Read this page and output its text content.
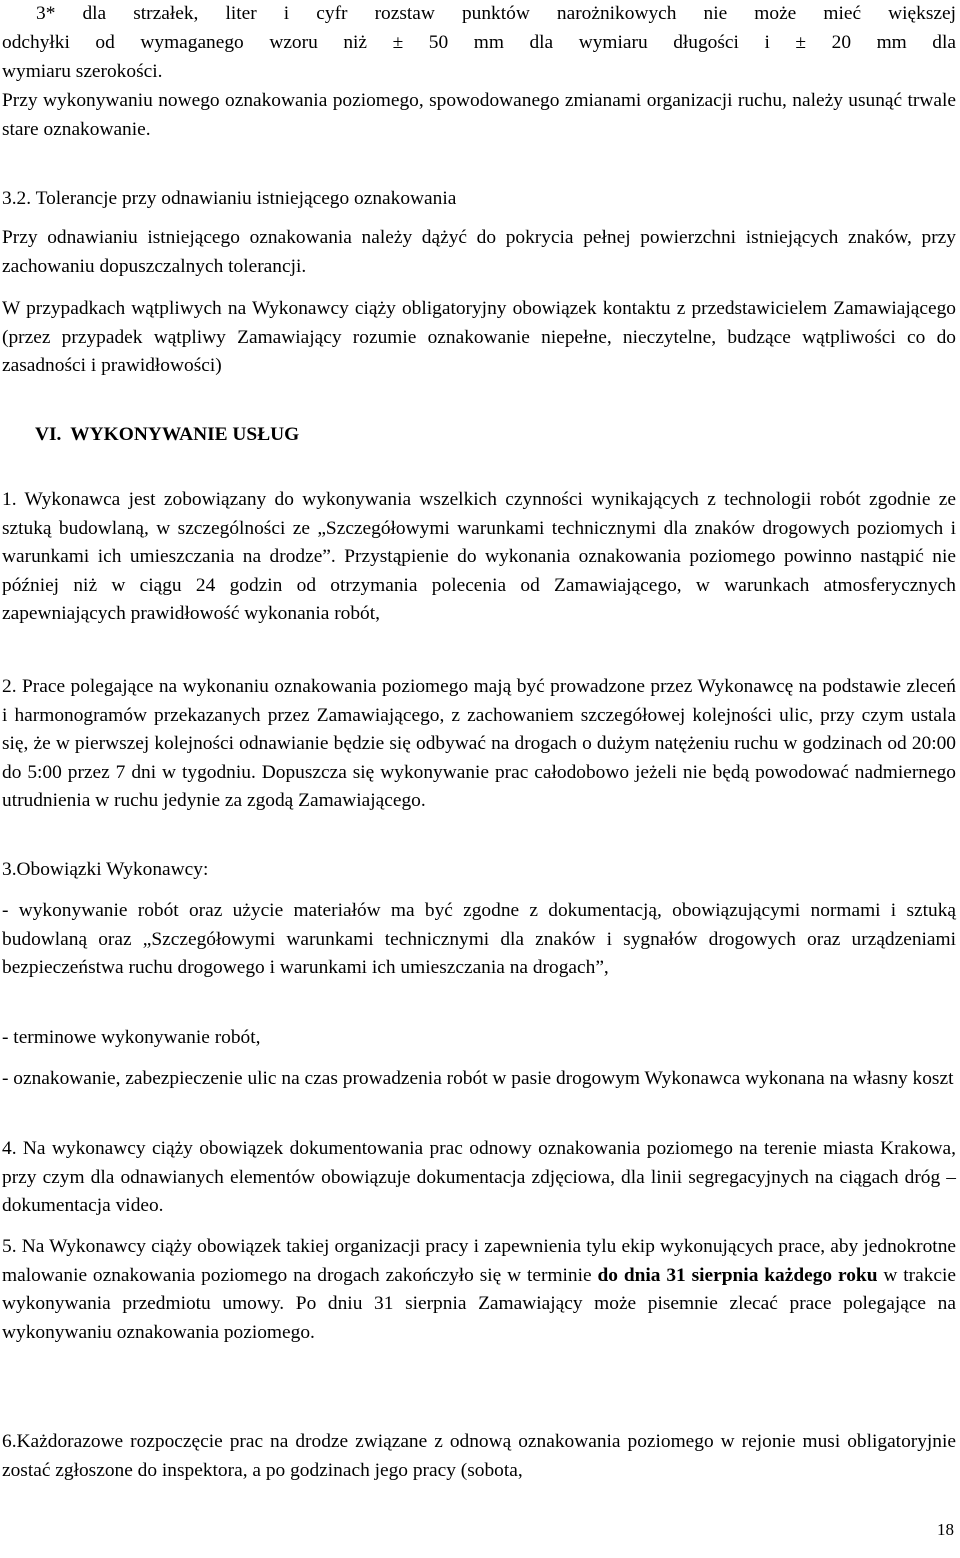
3* dla strzałek, liter i cyfr rozstaw punktów narożnikowych nie może mieć większej

odchyłki od wymaganego wzoru niż ± 50 mm dla wymiaru długości i ± 20 mm dla

wymiaru szerokości.

Przy wykonywaniu nowego oznakowania poziomego, spowodowanego zmianami organizacji ruchu, należy usunąć trwale stare oznakowanie.

3.2. Tolerancje przy odnawianiu istniejącego oznakowania

Przy odnawianiu istniejącego oznakowania należy dążyć do pokrycia pełnej powierzchni istniejących znaków, przy zachowaniu dopuszczalnych tolerancji.

W przypadkach wątpliwych na Wykonawcy ciąży obligatoryjny obowiązek kontaktu z przedstawicielem Zamawiającego (przez przypadek wątpliwy Zamawiający rozumie oznakowanie niepełne, nieczytelne, budzące wątpliwości co do zasadności i prawidłowości)

VI. WYKONYWANIE USŁUG

1. Wykonawca jest zobowiązany do wykonywania wszelkich czynności wynikających z technologii robót zgodnie ze sztuką budowlaną, w szczególności ze „Szczegółowymi warunkami technicznymi dla znaków drogowych poziomych i warunkami ich umieszczania na drodze”. Przystąpienie do wykonania oznakowania poziomego powinno nastąpić nie później niż w ciągu 24 godzin od otrzymania polecenia od Zamawiającego, w warunkach atmosferycznych zapewniających prawidłowość wykonania robót,

2. Prace polegające na wykonaniu oznakowania poziomego mają być prowadzone przez Wykonawcę na podstawie zleceń i harmonogramów przekazanych przez Zamawiającego, z zachowaniem szczegółowej kolejności ulic, przy czym ustala się, że w pierwszej kolejności odnawianie będzie się odbywać na drogach o dużym natężeniu ruchu w godzinach od 20:00 do 5:00 przez 7 dni w tygodniu. Dopuszcza się wykonywanie prac całodobowo jeżeli nie będą powodować nadmiernego utrudnienia w ruchu jedynie za zgodą Zamawiającego.

3.Obowiązki Wykonawcy:

- wykonywanie robót oraz użycie materiałów ma być zgodne z dokumentacją, obowiązującymi normami i sztuką budowlaną oraz „Szczegółowymi warunkami technicznymi dla znaków i sygnałów drogowych oraz urządzeniami bezpieczeństwa ruchu drogowego i warunkami ich umieszczania na drogach”,

- terminowe wykonywanie robót,

- oznakowanie, zabezpieczenie ulic na czas prowadzenia robót w pasie drogowym Wykonawca wykonana na własny koszt

4. Na wykonawcy ciąży obowiązek dokumentowania prac odnowy oznakowania poziomego na terenie miasta Krakowa, przy czym dla odnawianych elementów obowiązuje dokumentacja zdjęciowa, dla linii segregacyjnych na ciągach dróg – dokumentacja video.

5. Na Wykonawcy ciąży obowiązek takiej organizacji pracy i zapewnienia tylu ekip wykonujących prace, aby jednokrotne malowanie oznakowania poziomego na drogach zakończyło się w terminie do dnia 31 sierpnia każdego roku w trakcie wykonywania przedmiotu umowy. Po dniu 31 sierpnia Zamawiający może pisemnie zlecać prace polegające na wykonywaniu oznakowania poziomego.

6.Każdorazowe rozpoczęcie prac na drodze związane z odnową oznakowania poziomego w rejonie musi obligatoryjnie zostać zgłoszone do inspektora, a po godzinach jego pracy (sobota,

18
